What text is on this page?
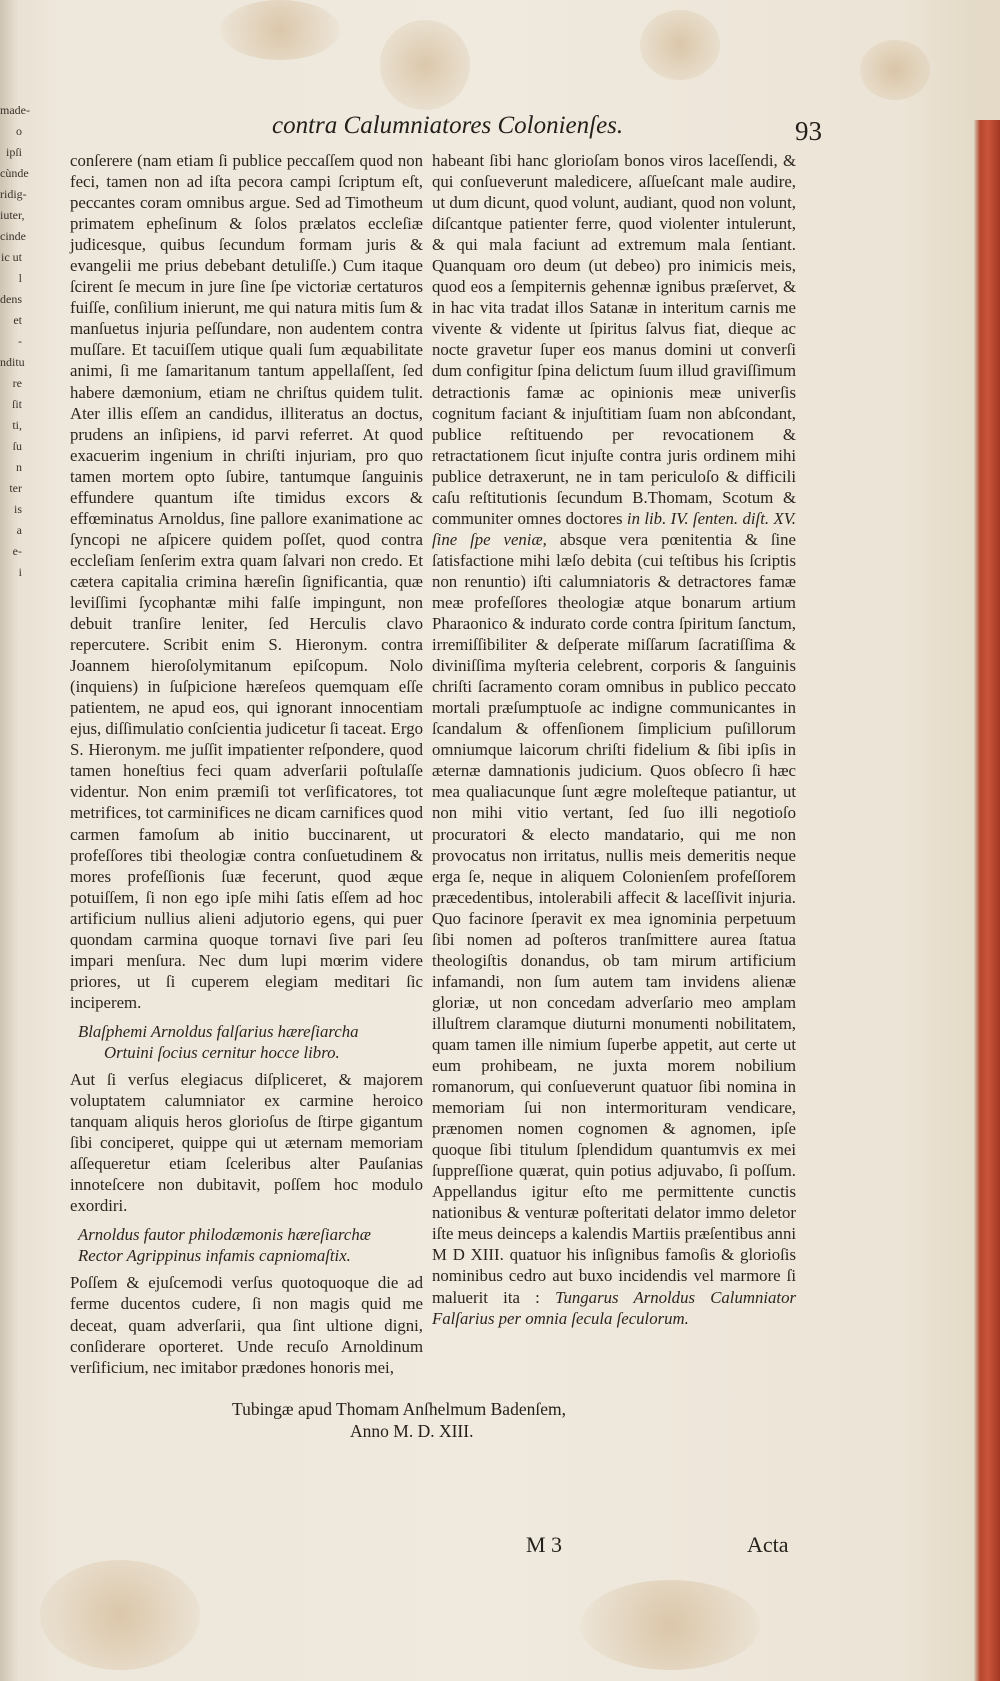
made-
o ipſi
cùnde
ridig-
iuter,
cinde
ic ut
l dens
et
-
nditu
re
ſit
ti,
ſu
n
ter
is
a
e-
i
contra Calumniatores Colonienſes.	93

conſerere (nam etiam ſi publice peccaſſem quod non feci, tamen non ad iſta pecora campi ſcriptum eſt, peccantes coram omnibus argue. Sed ad Timotheum primatem epheſinum & ſolos prælatos eccleſiæ judicesque, quibus ſecundum formam juris & evangelii me prius debebant detuliſſe.) Cum itaque ſcirent ſe mecum in jure ſine ſpe victoriæ certaturos fuiſſe, conſilium inierunt, me qui natura mitis ſum & manſuetus injuria peſſundare, non audentem contra muſſare. Et tacuiſſem utique quali ſum æquabilitate animi, ſi me ſamaritanum tantum appellaſſent, ſed habere dæmonium, etiam ne chriſtus quidem tulit. Ater illis eſſem an candidus, illiteratus an doctus, prudens an inſipiens, id parvi referret. At quod exacuerim ingenium in chriſti injuriam, pro quo tamen mortem opto ſubire, tantumque ſanguinis effundere quantum iſte timidus excors & effœminatus Arnoldus, ſine pallore exanimatione ac ſyncopi ne aſpicere quidem poſſet, quod contra eccleſiam ſenſerim extra quam ſalvari non credo. Et cætera capitalia crimina hæreſin ſignificantia, quæ leviſſimi ſycophantæ mihi falſe impingunt, non debuit tranſire leniter, ſed Herculis clavo repercutere. Scribit enim S. Hieronym. contra Joannem hieroſolymitanum epiſcopum. Nolo (inquiens) in ſuſpicione hæreſeos quemquam eſſe patientem, ne apud eos, qui ignorant innocentiam ejus, diſſimulatio conſcientia judicetur ſi taceat. Ergo S. Hieronym. me juſſit impatienter reſpondere, quod tamen honeſtius feci quam adverſarii poſtulaſſe videntur. Non enim præmiſi tot verſificatores, tot metrifices, tot carminifices ne dicam carnifices quod carmen famoſum ab initio buccinarent, ut profeſſores tibi theologiæ contra conſuetudinem & mores profeſſionis ſuæ fecerunt, quod æque potuiſſem, ſi non ego ipſe mihi ſatis eſſem ad hoc artificium nullius alieni adjutorio egens, qui puer quondam carmina quoque tornavi ſive pari ſeu impari menſura. Nec dum lupi mœrim videre priores, ut ſi cuperem elegiam meditari ſic inciperem.

Blaſphemi Arnoldus falſarius hæreſiarcha
Ortuini ſocius cernitur hocce libro.

Aut ſi verſus elegiacus diſpliceret, & majorem voluptatem calumniator ex carmine heroico tanquam aliquis heros glorioſus de ſtirpe gigantum ſibi conciperet, quippe qui ut æternam memoriam aſſequeretur etiam ſceleribus alter Pauſanias innoteſcere non dubitavit, poſſem hoc modulo exordiri.

Arnoldus fautor philodæmonis hæreſiarchæ
Rector Agrippinus infamis capniomaſtix.

Poſſem & ejuſcemodi verſus quotoquoque die ad ferme ducentos cudere, ſi non magis quid me deceat, quam adverſarii, qua ſint ultione digni, conſiderare oporteret. Unde recuſo Arnoldinum verſificium, nec imitabor prædones honoris mei,

habeant ſibi hanc glorioſam bonos viros laceſſendi, & qui conſueverunt maledicere, aſſueſcant male audire, ut dum dicunt, quod volunt, audiant, quod non volunt, diſcantque patienter ferre, quod violenter intulerunt, & qui mala faciunt ad extremum mala ſentiant. Quanquam oro deum (ut debeo) pro inimicis meis, quod eos a ſempiternis gehennæ ignibus præſervet, & in hac vita tradat illos Satanæ in interitum carnis me vivente & vidente ut ſpiritus ſalvus fiat, dieque ac nocte gravetur ſuper eos manus domini ut converſi dum configitur ſpina delictum ſuum illud graviſſimum detractionis famæ ac opinionis meæ univerſis cognitum faciant & injuſtitiam ſuam non abſcondant, publice reſtituendo per revocationem & retractationem ſicut injuſte contra juris ordinem mihi publice detraxerunt, ne in tam periculoſo & difficili caſu reſtitutionis ſecundum B.Thomam, Scotum & communiter omnes doctores in lib. IV. ſenten. diſt. XV. ſine ſpe veniæ, absque vera pœnitentia & ſine ſatisfactione mihi læſo debita (cui teſtibus his ſcriptis non renuntio) iſti calumniatoris & detractores famæ meæ profeſſores theologiæ atque bonarum artium Pharaonico & indurato corde contra ſpiritum ſanctum, irremiſſibiliter & deſperate miſſarum ſacratiſſima & diviniſſima myſteria celebrent, corporis & ſanguinis chriſti ſacramento coram omnibus in publico peccato mortali præſumptuoſe ac indigne communicantes in ſcandalum & offenſionem ſimplicium puſillorum omniumque laicorum chriſti fidelium & ſibi ipſis in æternæ damnationis judicium. Quos obſecro ſi hæc mea qualiacunque ſunt ægre moleſteque patiantur, ut non mihi vitio vertant, ſed ſuo illi negotioſo procuratori & electo mandatario, qui me non provocatus non irritatus, nullis meis demeritis neque erga ſe, neque in aliquem Colonienſem profeſſorem præcedentibus, intolerabili affecit & laceſſivit injuria. Quo facinore ſperavit ex mea ignominia perpetuum ſibi nomen ad poſteros tranſmittere aurea ſtatua theologiſtis donandus, ob tam mirum artificium infamandi, non ſum autem tam invidens alienæ gloriæ, ut non concedam adverſario meo amplam illuſtrem claramque diuturni monumenti nobilitatem, quam tamen ille nimium ſuperbe appetit, aut certe ut eum prohibeam, ne juxta morem nobilium romanorum, qui conſueverunt quatuor ſibi nomina in memoriam ſui non intermorituram vendicare, prænomen nomen cognomen & agnomen, ipſe quoque ſibi titulum ſplendidum quantumvis ex mei ſuppreſſione quærat, quin potius adjuvabo, ſi poſſum. Appellandus igitur eſto me permittente cunctis nationibus & venturæ poſteritati delator immo deletor iſte meus deinceps a kalendis Martiis præſentibus anni M D XIII. quatuor his inſignibus famoſis & glorioſis nominibus cedro aut buxo incidendis vel marmore ſi maluerit ita : Tungarus Arnoldus Calumniator Falſarius per omnia ſecula ſeculorum.

Tubingæ apud Thomam Anſhelmum Badenſem,
Anno M. D. XIII.
M 3	Acta
